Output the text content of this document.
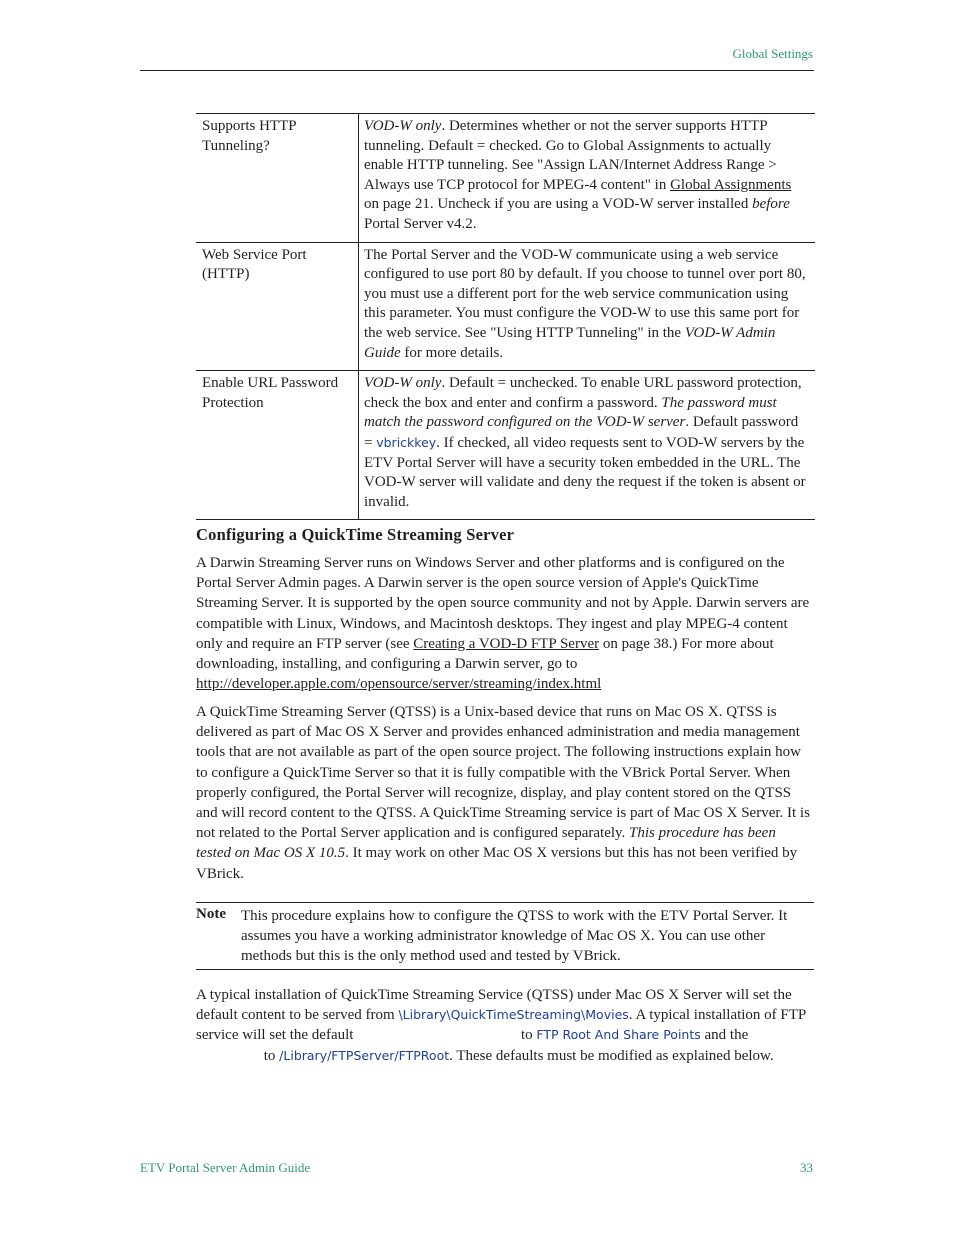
Global Settings
Supports HTTP Tunneling?	VOD-W only. Determines whether or not the server supports HTTP tunneling. Default = checked. Go to Global Assignments to actually enable HTTP tunneling. See "Assign LAN/Internet Address Range > Always use TCP protocol for MPEG-4 content" in Global Assignments on page 21. Uncheck if you are using a VOD-W server installed before Portal Server v4.2.
Web Service Port (HTTP)	The Portal Server and the VOD-W communicate using a web service configured to use port 80 by default. If you choose to tunnel over port 80, you must use a different port for the web service communication using this parameter. You must configure the VOD-W to use this same port for the web service. See "Using HTTP Tunneling" in the VOD-W Admin Guide for more details.
Enable URL Password Protection	VOD-W only. Default = unchecked. To enable URL password protection, check the box and enter and confirm a password. The password must match the password configured on the VOD-W server. Default password = vbrickkey. If checked, all video requests sent to VOD-W servers by the ETV Portal Server will have a security token embedded in the URL. The VOD-W server will validate and deny the request if the token is absent or invalid.
Configuring a QuickTime Streaming Server

A Darwin Streaming Server runs on Windows Server and other platforms and is configured on the Portal Server Admin pages. A Darwin server is the open source version of Apple's QuickTime Streaming Server. It is supported by the open source community and not by Apple. Darwin servers are compatible with Linux, Windows, and Macintosh desktops. They ingest and play MPEG-4 content only and require an FTP server (see Creating a VOD-D FTP Server on page 38.) For more about downloading, installing, and configuring a Darwin server, go to http://developer.apple.com/opensource/server/streaming/index.html

A QuickTime Streaming Server (QTSS) is a Unix-based device that runs on Mac OS X. QTSS is delivered as part of Mac OS X Server and provides enhanced administration and media management tools that are not available as part of the open source project. The following instructions explain how to configure a QuickTime Server so that it is fully compatible with the VBrick Portal Server. When properly configured, the Portal Server will recognize, display, and play content stored on the QTSS and will record content to the QTSS. A QuickTime Streaming service is part of Mac OS X Server. It is not related to the Portal Server application and is configured separately. This procedure has been tested on Mac OS X 10.5. It may work on other Mac OS X versions but this has not been verified by VBrick.

Note This procedure explains how to configure the QTSS to work with the ETV Portal Server. It assumes you have a working administrator knowledge of Mac OS X. You can use other methods but this is the only method used and tested by VBrick.

A typical installation of QuickTime Streaming Service (QTSS) under Mac OS X Server will set the default content to be served from \Library\QuickTimeStreaming\Movies. A typical installation of FTP service will set the default	to FTP Root And Share Points and the  to /Library/FTPServer/FTPRoot. These defaults must be modified as explained below.

ETV Portal Server Admin Guide	33
